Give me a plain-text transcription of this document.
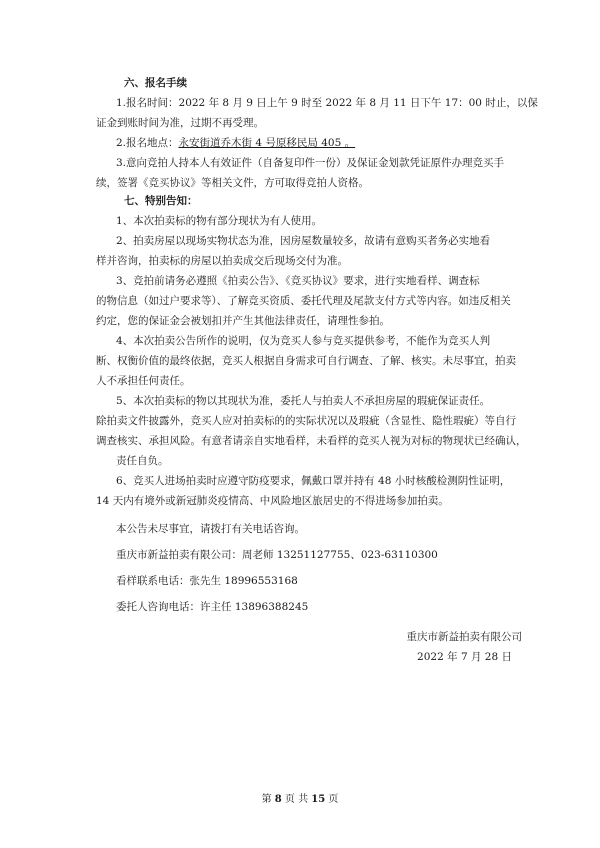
六、报名手续
1.报名时间：2022 年 8 月 9 日上午 9 时至 2022 年 8 月 11 日下午 17：00 时止，以保
证金到账时间为准，过期不再受理。
2.报名地点：永安街道乔木街 4 号原移民局 405 。
3.意向竞拍人持本人有效证件（自备复印件一份）及保证金划款凭证原件办理竞买手
续，签署《竞买协议》等相关文件，方可取得竞拍人资格。
七、特别告知：
1、本次拍卖标的物有部分现状为有人使用。
2、拍卖房屋以现场实物状态为准，因房屋数量较多，故请有意购买者务必实地看
样并咨询，拍卖标的房屋以拍卖成交后现场交付为准。
3、竞拍前请务必遵照《拍卖公告》、《竞买协议》要求，进行实地看样、调查标
的物信息（如过户要求等）、了解竞买资质、委托代理及尾款支付方式等内容。如违反相关
约定，您的保证金会被划扣并产生其他法律责任，请理性参拍。
4、本次拍卖公告所作的说明，仅为竞买人参与竞买提供参考，不能作为竞买人判
断、权衡价值的最终依据，竞买人根据自身需求可自行调查、了解、核实。未尽事宜，拍卖
人不承担任何责任。
5、本次拍卖标的物以其现状为准，委托人与拍卖人不承担房屋的瑕疵保证责任。
除拍卖文件披露外，竞买人应对拍卖标的的实际状况以及瑕疵（含显性、隐性瑕疵）等自行
调查核实、承担风险。有意者请亲自实地看样，未看样的竞买人视为对标的物现状已经确认，
责任自负。
6、竞买人进场拍卖时应遵守防疫要求，佩戴口罩并持有 48 小时核酸检测阴性证明，
14 天内有境外或新冠肺炎疫情高、中风险地区旅居史的不得进场参加拍卖。
本公告未尽事宜，请拨打有关电话咨询。
重庆市新益拍卖有限公司：周老师 13251127755、023-63110300
看样联系电话：张先生 18996553168
委托人咨询电话：许主任 13896388245
重庆市新益拍卖有限公司
2022 年 7 月 28 日
第 8 页 共 15 页
